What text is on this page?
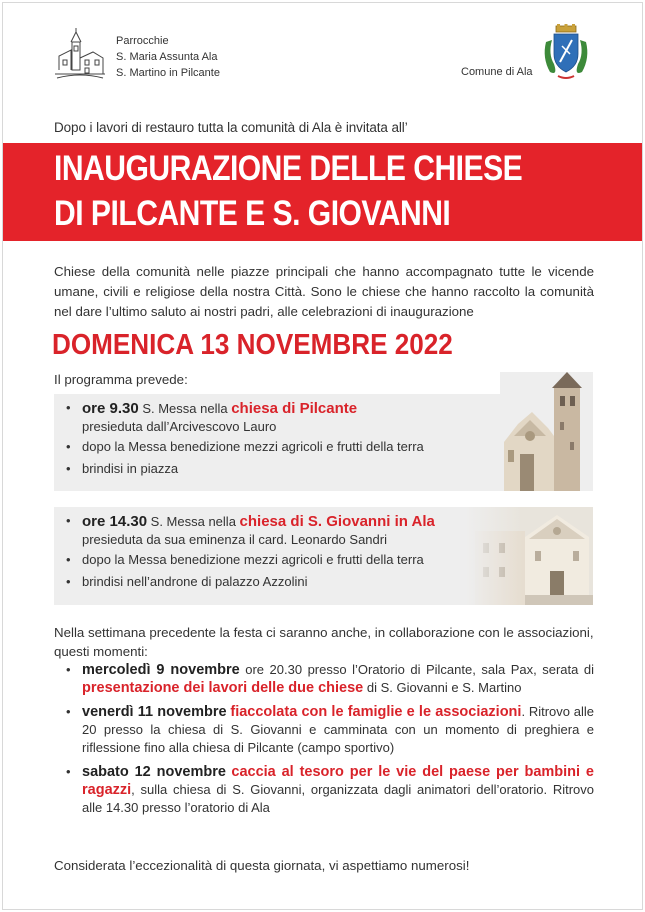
Parrocchie
S. Maria Assunta Ala
S. Martino in Pilcante	Comune di Ala
Dopo i lavori di restauro tutta la comunità di Ala è invitata all’
INAUGURAZIONE DELLE CHIESE
DI PILCANTE E S. GIOVANNI
Chiese della comunità nelle piazze principali che hanno accompagnato tutte le vicende umane, civili e religiose della nostra Città. Sono le chiese che hanno raccolto la comunità nel dare l’ultimo saluto ai nostri padri, alle celebrazioni di inaugurazione
DOMENICA 13 NOVEMBRE 2022
Il programma prevede:
• ore 9.30 S. Messa nella chiesa di Pilcante
presieduta dall’Arcivescovo Lauro
• dopo la Messa benedizione mezzi agricoli e frutti della terra
• brindisi in piazza
• ore 14.30 S. Messa nella chiesa di S. Giovanni in Ala
presieduta da sua eminenza il card. Leonardo Sandri
• dopo la Messa benedizione mezzi agricoli e frutti della terra
• brindisi nell’androne di palazzo Azzolini
Nella settimana precedente la festa ci saranno anche, in collaborazione con le associazioni, questi momenti:
• mercoledì 9 novembre ore 20.30 presso l’Oratorio di Pilcante, sala Pax, serata di presentazione dei lavori delle due chiese di S. Giovanni e S. Martino
• venerdì 11 novembre fiaccolata con le famiglie e le associazioni. Ritrovo alle 20 presso la chiesa di S. Giovanni e camminata con un momento di preghiera e riflessione fino alla chiesa di Pilcante (campo sportivo)
• sabato 12 novembre caccia al tesoro per le vie del paese per bambini e ragazzi, sulla chiesa di S. Giovanni, organizzata dagli animatori dell’oratorio. Ritrovo alle 14.30 presso l’oratorio di Ala
Considerata l’eccezionalità di questa giornata, vi aspettiamo numerosi!
